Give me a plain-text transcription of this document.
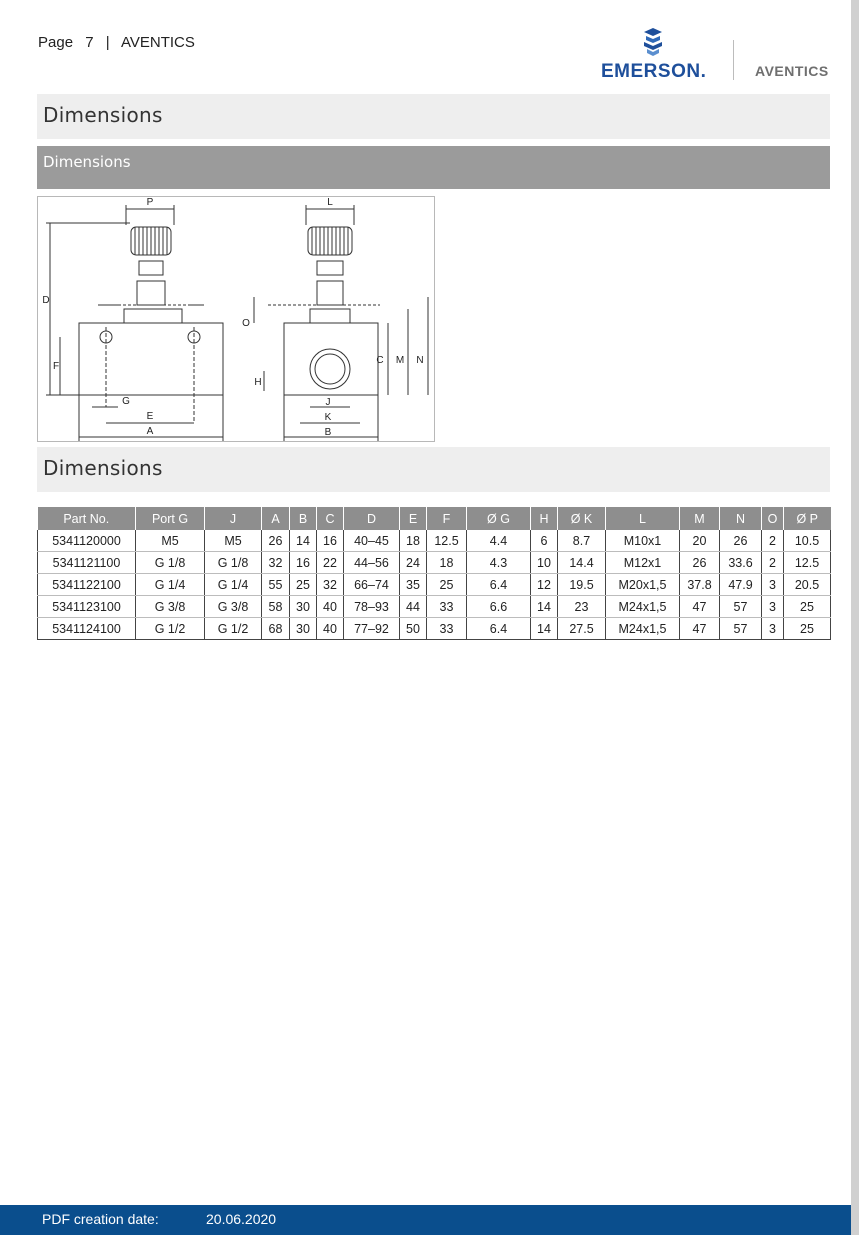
Page 7 | AVENTICS
EMERSON.	AVENTICS
Dimensions
Dimensions
P
D
F
G
E
A
L
O
H
C M N
J
K
B
Dimensions
Part No.	Port G	J	A	B	C	D	E	F	Ø G	H	Ø K	L	M	N	O	Ø P
5341120000	M5	M5	26	14	16	40–45	18	12.5	4.4	6	8.7	M10x1	20	26	2	10.5
5341121100	G 1/8	G 1/8	32	16	22	44–56	24	18	4.3	10	14.4	M12x1	26	33.6	2	12.5
5341122100	G 1/4	G 1/4	55	25	32	66–74	35	25	6.4	12	19.5	M20x1,5	37.8	47.9	3	20.5
5341123100	G 3/8	G 3/8	58	30	40	78–93	44	33	6.6	14	23	M24x1,5	47	57	3	25
5341124100	G 1/2	G 1/2	68	30	40	77–92	50	33	6.4	14	27.5	M24x1,5	47	57	3	25
PDF creation date:	20.06.2020
